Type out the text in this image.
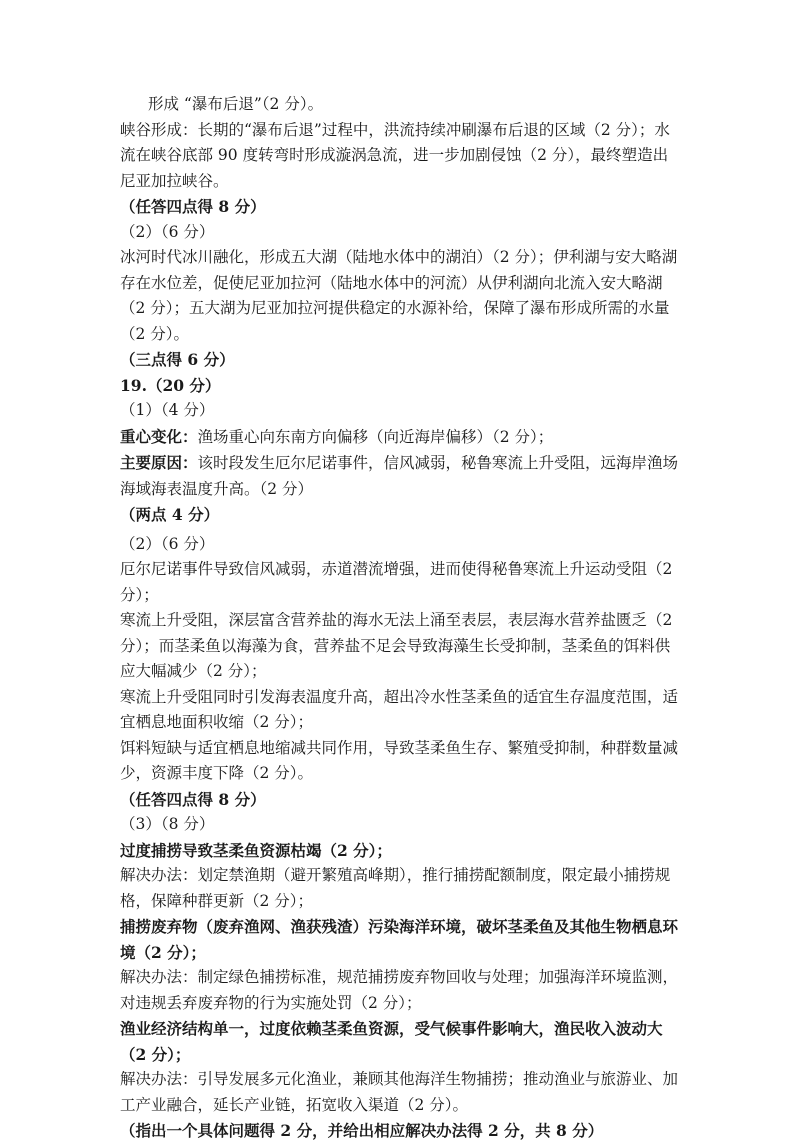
形成 “瀑布后退”（2 分）。

峡谷形成：长期的“瀑布后退”过程中，洪流持续冲刷瀑布后退的区域（2 分）；水流在峡谷底部 90 度转弯时形成漩涡急流，进一步加剧侵蚀（2 分），最终塑造出尼亚加拉峡谷。

（任答四点得 8 分）

（2）（6 分）

冰河时代冰川融化，形成五大湖（陆地水体中的湖泊）（2 分）；伊利湖与安大略湖存在水位差，促使尼亚加拉河（陆地水体中的河流）从伊利湖向北流入安大略湖（2 分）；五大湖为尼亚加拉河提供稳定的水源补给，保障了瀑布形成所需的水量（2 分）。

（三点得 6 分）

19.（20 分）

（1）（4 分）

重心变化：渔场重心向东南方向偏移（向近海岸偏移）（2 分）；

主要原因：该时段发生厄尔尼诺事件，信风减弱，秘鲁寒流上升受阻，远海岸渔场海域海表温度升高。（2 分）

（两点 4 分）

（2）（6 分）

厄尔尼诺事件导致信风减弱，赤道潜流增强，进而使得秘鲁寒流上升运动受阻（2 分）；

寒流上升受阻，深层富含营养盐的海水无法上涌至表层，表层海水营养盐匮乏（2 分）；而茎柔鱼以海藻为食，营养盐不足会导致海藻生长受抑制，茎柔鱼的饵料供应大幅减少（2 分）；

寒流上升受阻同时引发海表温度升高，超出冷水性茎柔鱼的适宜生存温度范围，适宜栖息地面积收缩（2 分）；

饵料短缺与适宜栖息地缩减共同作用，导致茎柔鱼生存、繁殖受抑制，种群数量减少，资源丰度下降（2 分）。

（任答四点得 8 分）

（3）（8 分）

过度捕捞导致茎柔鱼资源枯竭（2 分）；

解决办法：划定禁渔期（避开繁殖高峰期），推行捕捞配额制度，限定最小捕捞规格，保障种群更新（2 分）；

捕捞废弃物（废弃渔网、渔获残渣）污染海洋环境，破坏茎柔鱼及其他生物栖息环境（2 分）；

解决办法：制定绿色捕捞标准，规范捕捞废弃物回收与处理；加强海洋环境监测，对违规丢弃废弃物的行为实施处罚（2 分）；

渔业经济结构单一，过度依赖茎柔鱼资源，受气候事件影响大，渔民收入波动大（2 分）；

解决办法：引导发展多元化渔业，兼顾其他海洋生物捕捞；推动渔业与旅游业、加工产业融合，延长产业链，拓宽收入渠道（2 分）。

（指出一个具体问题得 2 分，并给出相应解决办法得 2 分，共 8 分）
